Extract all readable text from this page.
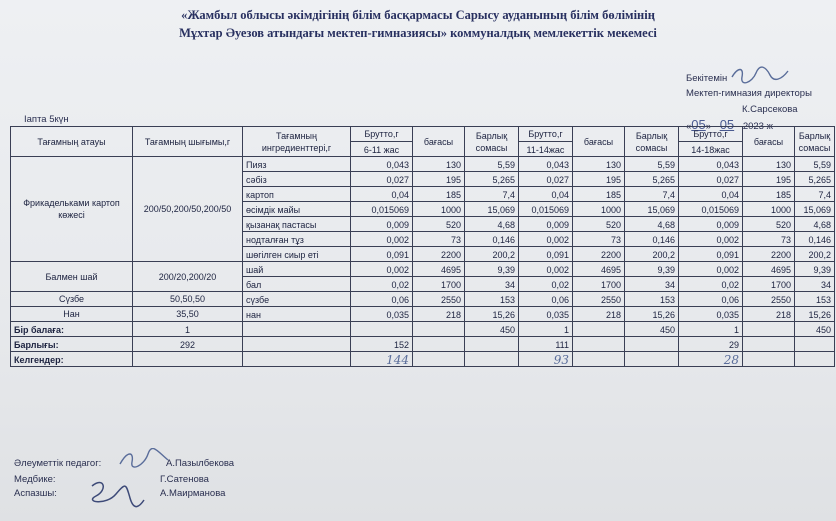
«Жамбыл облысы әкімдігінің білім басқармасы Сарысу ауданының білім бөлімінің
Мұхтар Әуезов атындағы мектеп-гимназиясы» коммуналдық мемлекеттік мекемесі
Бекітемін
Мектеп-гимназия директоры
К.Сарсекова
«05» 05 2023 ж
Iапта 5күн
Тағамның атауы	Тағамның шығымы,г	Тағамның ингредиенттері,г	Брутто,г	бағасы	Барлық сомасы	Брутто,г	бағасы	Барлық сомасы	Брутто,г	бағасы	Барлық сомасы
			6-11 жас			11-14жас			14-18жас		
Фрикадельками картоп көжесі	200/50,200/50,200/50	Пияз	0,043	130	5,59	0,043	130	5,59	0,043	130	5,59
		сәбіз	0,027	195	5,265	0,027	195	5,265	0,027	195	5,265
		картоп	0,04	185	7,4	0,04	185	7,4	0,04	185	7,4
		өсімдік майы	0,015069	1000	15,069	0,015069	1000	15,069	0,015069	1000	15,069
		қызанақ пастасы	0,009	520	4,68	0,009	520	4,68	0,009	520	4,68
		нодталған тұз	0,002	73	0,146	0,002	73	0,146	0,002	73	0,146
		шөгілген сиыр еті	0,091	2200	200,2	0,091	2200	200,2	0,091	2200	200,2
Балмен шай	200/20,200/20	шай	0,002	4695	9,39	0,002	4695	9,39	0,002	4695	9,39
		бал	0,02	1700	34	0,02	1700	34	0,02	1700	34
Сүзбе	50,50,50	сүзбе	0,06	2550	153	0,06	2550	153	0,06	2550	153
Нан	35,50	нан	0,035	218	15,26	0,035	218	15,26	0,035	218	15,26
Бір балаға:	1				450	1		450	1		450
Барлығы:	292		152			111			29		
Келгендер:			144			93			28		
Әлеуметтік педагог:	А.Пазылбекова
Медбике:	Г.Сатенова
Аспазшы:	А.Маирманова
